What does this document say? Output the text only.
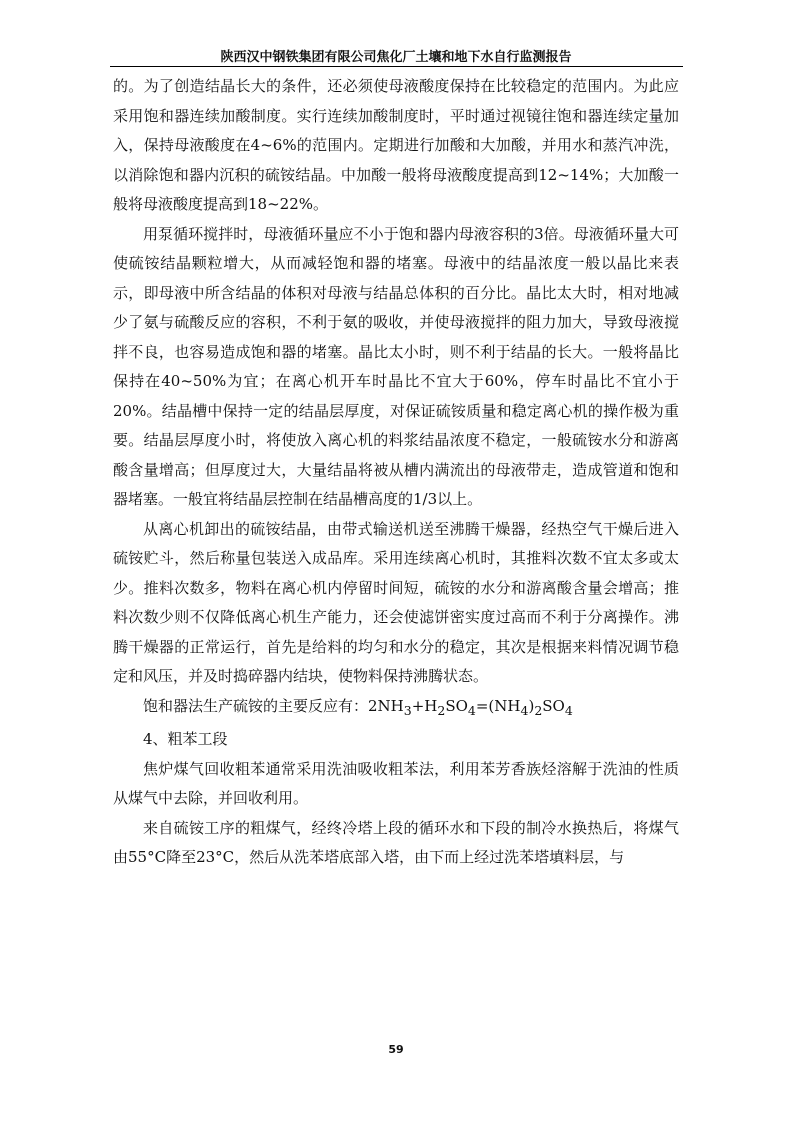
陕西汉中钢铁集团有限公司焦化厂土壤和地下水自行监测报告

的。为了创造结晶长大的条件，还必须使母液酸度保持在比较稳定的范围内。为此应采用饱和器连续加酸制度。实行连续加酸制度时，平时通过视镜往饱和器连续定量加入，保持母液酸度在4~6%的范围内。定期进行加酸和大加酸，并用水和蒸汽冲洗，以消除饱和器内沉积的硫铵结晶。中加酸一般将母液酸度提高到12~14%；大加酸一般将母液酸度提高到18~22%。

用泵循环搅拌时，母液循环量应不小于饱和器内母液容积的3倍。母液循环量大可使硫铵结晶颗粒增大，从而减轻饱和器的堵塞。母液中的结晶浓度一般以晶比来表示，即母液中所含结晶的体积对母液与结晶总体积的百分比。晶比太大时，相对地减少了氨与硫酸反应的容积，不利于氨的吸收，并使母液搅拌的阻力加大，导致母液搅拌不良，也容易造成饱和器的堵塞。晶比太小时，则不利于结晶的长大。一般将晶比保持在40~50%为宜；在离心机开车时晶比不宜大于60%，停车时晶比不宜小于20%。结晶槽中保持一定的结晶层厚度，对保证硫铵质量和稳定离心机的操作极为重要。结晶层厚度小时，将使放入离心机的料浆结晶浓度不稳定，一般硫铵水分和游离酸含量增高；但厚度过大，大量结晶将被从槽内满流出的母液带走，造成管道和饱和器堵塞。一般宜将结晶层控制在结晶槽高度的1/3以上。

从离心机卸出的硫铵结晶，由带式输送机送至沸腾干燥器，经热空气干燥后进入硫铵贮斗，然后称量包装送入成品库。采用连续离心机时，其推料次数不宜太多或太少。推料次数多，物料在离心机内停留时间短，硫铵的水分和游离酸含量会增高；推料次数少则不仅降低离心机生产能力，还会使滤饼密实度过高而不利于分离操作。沸腾干燥器的正常运行，首先是给料的均匀和水分的稳定，其次是根据来料情况调节稳定和风压，并及时捣碎器内结块，使物料保持沸腾状态。

饱和器法生产硫铵的主要反应有：$2NH_3+H_2SO_4=(NH_4)_2SO_4$

4、粗苯工段

焦炉煤气回收粗苯通常采用洗油吸收粗苯法，利用苯芳香族烃溶解于洗油的性质从煤气中去除，并回收利用。

来自硫铵工序的粗煤气，经终冷塔上段的循环水和下段的制冷水换热后，将煤气由55°C降至23°C，然后从洗苯塔底部入塔，由下而上经过洗苯塔填料层，与

59
